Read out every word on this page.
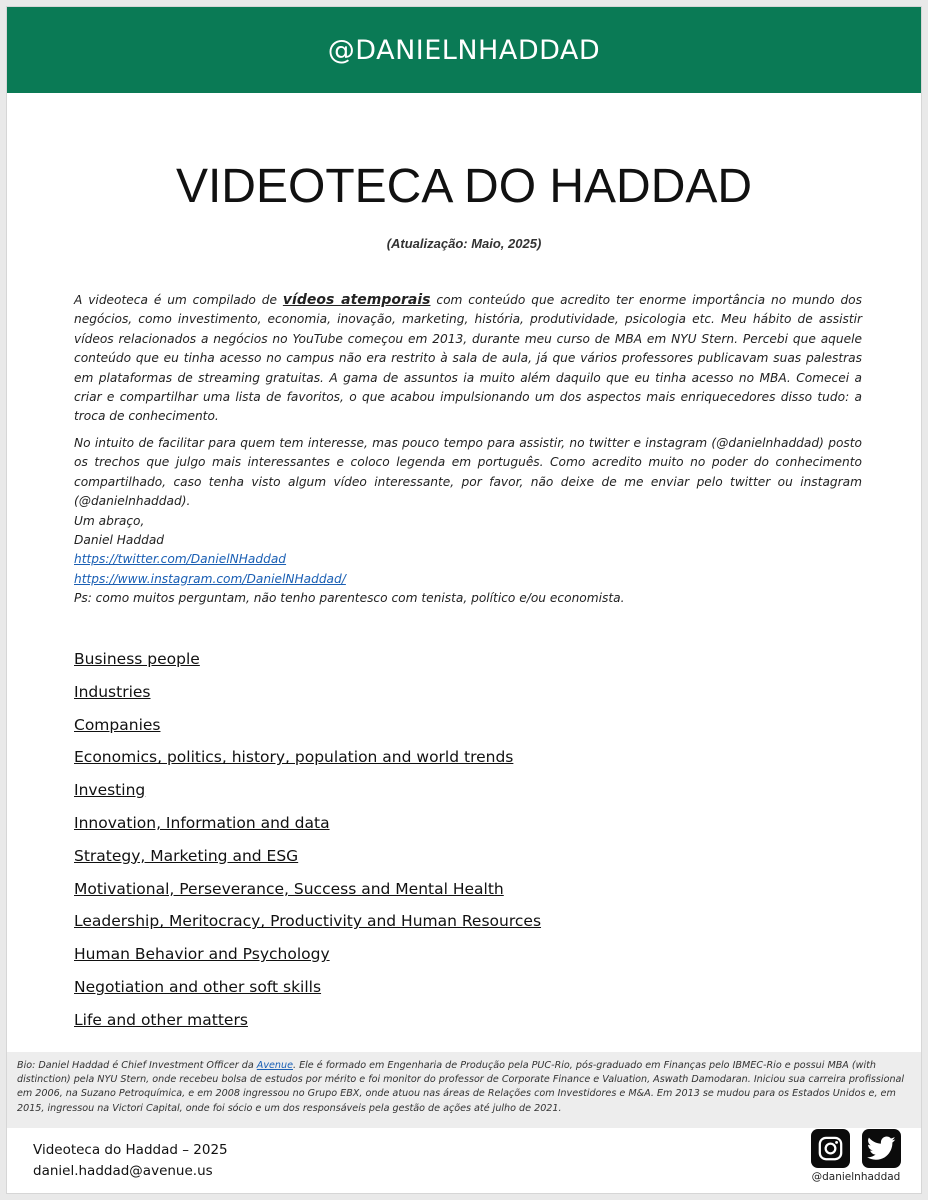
@DANIELNHADDAD
VIDEOTECA DO HADDAD
(Atualização: Maio, 2025)

A videoteca é um compilado de vídeos atemporais com conteúdo que acredito ter enorme importância no mundo dos negócios, como investimento, economia, inovação, marketing, história, produtividade, psicologia etc. Meu hábito de assistir vídeos relacionados a negócios no YouTube começou em 2013, durante meu curso de MBA em NYU Stern. Percebi que aquele conteúdo que eu tinha acesso no campus não era restrito à sala de aula, já que vários professores publicavam suas palestras em plataformas de streaming gratuitas. A gama de assuntos ia muito além daquilo que eu tinha acesso no MBA. Comecei a criar e compartilhar uma lista de favoritos, o que acabou impulsionando um dos aspectos mais enriquecedores disso tudo: a troca de conhecimento.

No intuito de facilitar para quem tem interesse, mas pouco tempo para assistir, no twitter e instagram (@danielnhaddad) posto os trechos que julgo mais interessantes e coloco legenda em português. Como acredito muito no poder do conhecimento compartilhado, caso tenha visto algum vídeo interessante, por favor, não deixe de me enviar pelo twitter ou instagram (@danielnhaddad).

Um abraço,

Daniel Haddad

https://twitter.com/DanielNHaddad

https://www.instagram.com/DanielNHaddad/

Ps: como muitos perguntam, não tenho parentesco com tenista, político e/ou economista.

Business people
Industries
Companies
Economics, politics, history, population and world trends
Investing
Innovation, Information and data
Strategy, Marketing and ESG
Motivational, Perseverance, Success and Mental Health
Leadership, Meritocracy, Productivity and Human Resources
Human Behavior and Psychology
Negotiation and other soft skills
Life and other matters
Bio: Daniel Haddad é Chief Investment Officer da Avenue. Ele é formado em Engenharia de Produção pela PUC-Rio, pós-graduado em Finanças pelo IBMEC-Rio e possui MBA (with distinction) pela NYU Stern, onde recebeu bolsa de estudos por mérito e foi monitor do professor de Corporate Finance e Valuation, Aswath Damodaran. Iniciou sua carreira profissional em 2006, na Suzano Petroquímica, e em 2008 ingressou no Grupo EBX, onde atuou nas áreas de Relações com Investidores e M&A. Em 2013 se mudou para os Estados Unidos e, em 2015, ingressou na Victori Capital, onde foi sócio e um dos responsáveis pela gestão de ações até julho de 2021.
Videoteca do Haddad – 2025
daniel.haddad@avenue.us	@danielnhaddad
